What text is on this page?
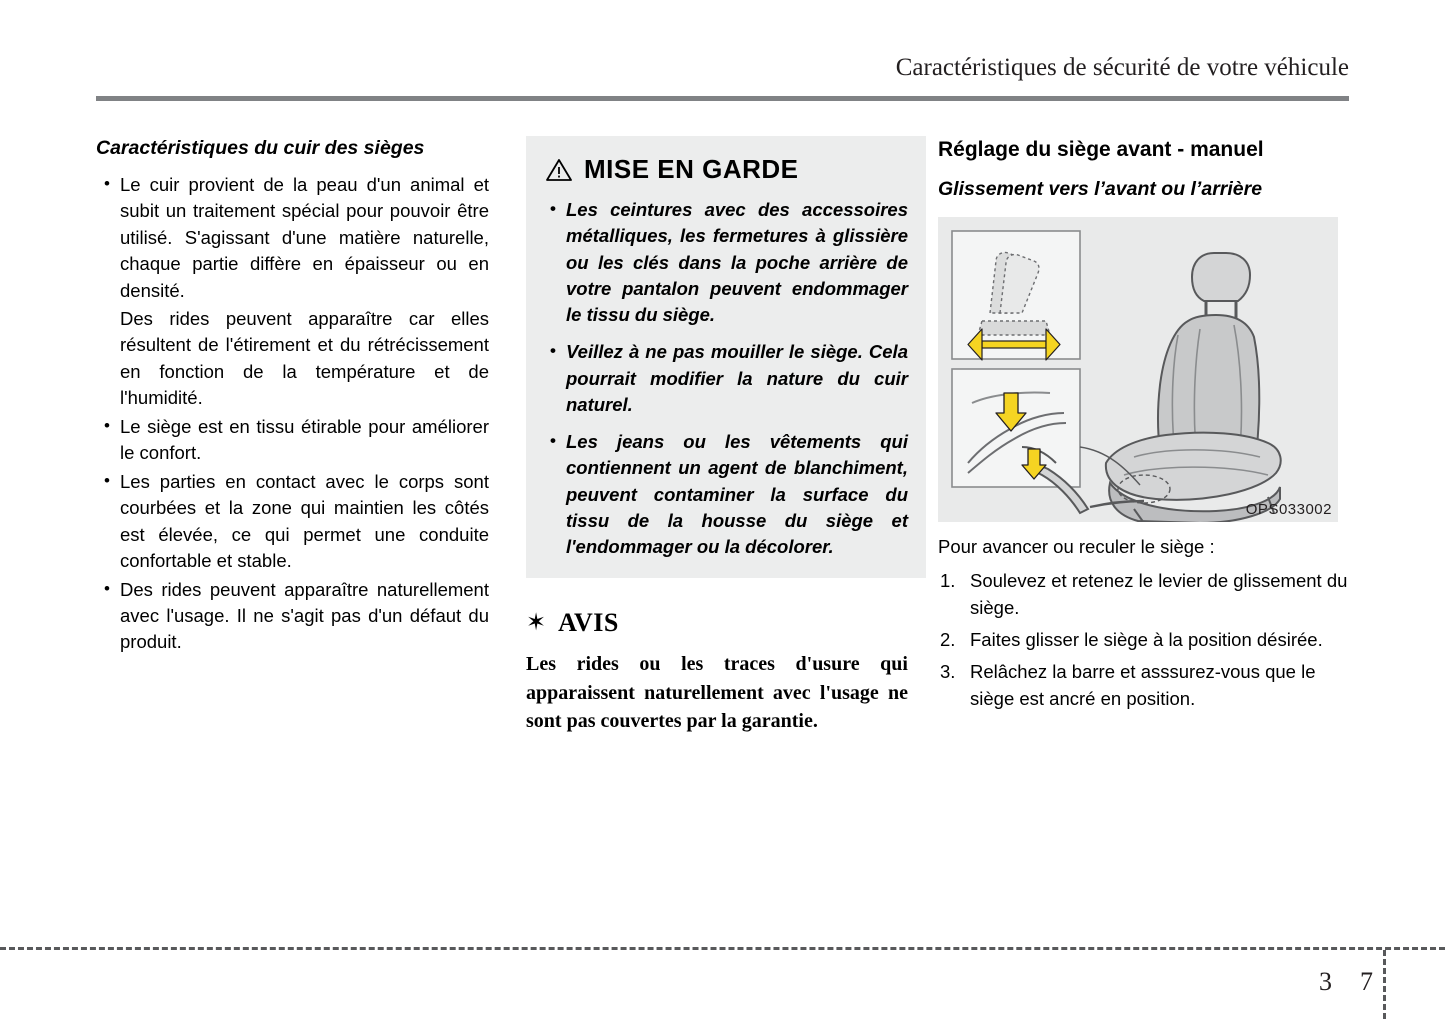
Caractéristiques de sécurité de votre véhicule
Caractéristiques du cuir des sièges
• Le cuir provient de la peau d'un animal et subit un traitement spécial pour pouvoir être utilisé. S'agissant d'une matière naturelle, chaque partie diffère en épaisseur ou en densité.

Des rides peuvent apparaître car elles résultent de l'étirement et du rétrécissement en fonction de la température et de l'humidité.

• Le siège est en tissu étirable pour améliorer le confort.
• Les parties en contact avec le corps sont courbées et la zone qui maintien les côtés est élevée, ce qui permet une conduite confortable et stable.
• Des rides peuvent apparaître naturellement avec l'usage. Il ne s'agit pas d'un défaut du produit.
MISE EN GARDE
• Les ceintures avec des accessoires métalliques, les fermetures à glissière ou les clés dans la poche arrière de votre pantalon peuvent endommager le tissu du siège.
• Veillez à ne pas mouiller le siège. Cela pourrait modifier la nature du cuir naturel.
• Les jeans ou les vêtements qui contiennent un agent de blanchiment, peuvent contaminer la surface du tissu de la housse du siège et l'endommager ou la décolorer.
✶ AVIS

Les rides ou les traces d'usure qui apparaissent naturellement avec l'usage ne sont pas couvertes par la garantie.

Réglage du siège avant - manuel
Glissement vers l’avant ou l’arrière
OPS033002

Pour avancer ou reculer le siège :

Soulevez et retenez le levier de glissement du siège.
Faites glisser le siège à la position désirée.
Relâchez la barre et asssurez-vous que le siège est ancré en position.
3 7
